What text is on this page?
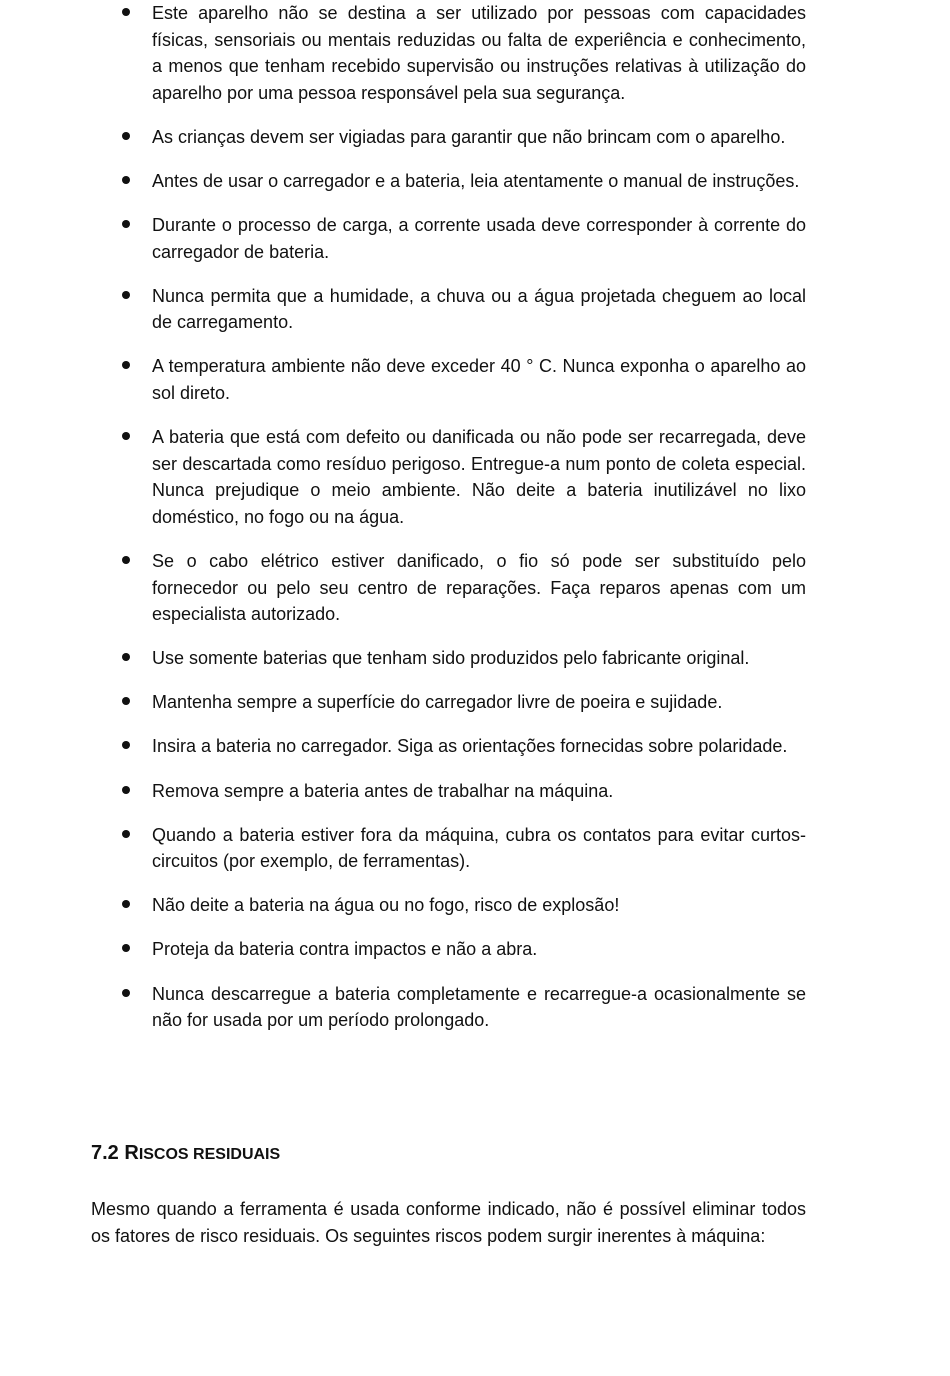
Este aparelho não se destina a ser utilizado por pessoas com capacidades físicas, sensoriais ou mentais reduzidas ou falta de experiência e conhecimento, a menos que tenham recebido supervisão ou instruções relativas à utilização do aparelho por uma pessoa responsável pela sua segurança.
As crianças devem ser vigiadas para garantir que não brincam com o aparelho.
Antes de usar o carregador e a bateria, leia atentamente o manual de instruções.
Durante o processo de carga, a corrente usada deve corresponder à corrente do carregador de bateria.
Nunca permita que a humidade, a chuva ou a água projetada cheguem ao local de carregamento.
A temperatura ambiente não deve exceder 40 ° C. Nunca exponha o aparelho ao sol direto.
A bateria que está com defeito ou danificada ou não pode ser recarregada, deve ser descartada como resíduo perigoso. Entregue-a num ponto de coleta especial. Nunca prejudique o meio ambiente. Não deite a bateria inutilizável no lixo doméstico, no fogo ou na água.
Se o cabo elétrico estiver danificado, o fio só pode ser substituído pelo fornecedor ou pelo seu centro de reparações. Faça reparos apenas com um especialista autorizado.
Use somente baterias que tenham sido produzidos pelo fabricante original.
Mantenha sempre a superfície do carregador livre de poeira e sujidade.
Insira a bateria no carregador. Siga as orientações fornecidas sobre polaridade.
Remova sempre a bateria antes de trabalhar na máquina.
Quando a bateria estiver fora da máquina, cubra os contatos para evitar curtos-circuitos (por exemplo, de ferramentas).
Não deite a bateria na água ou no fogo, risco de explosão!
Proteja da bateria contra impactos e não a abra.
Nunca descarregue a bateria completamente e recarregue-a ocasionalmente se não for usada por um período prolongado.
7.2 RISCOS RESIDUAIS

Mesmo quando a ferramenta é usada conforme indicado, não é possível eliminar todos os fatores de risco residuais. Os seguintes riscos podem surgir inerentes à máquina:
